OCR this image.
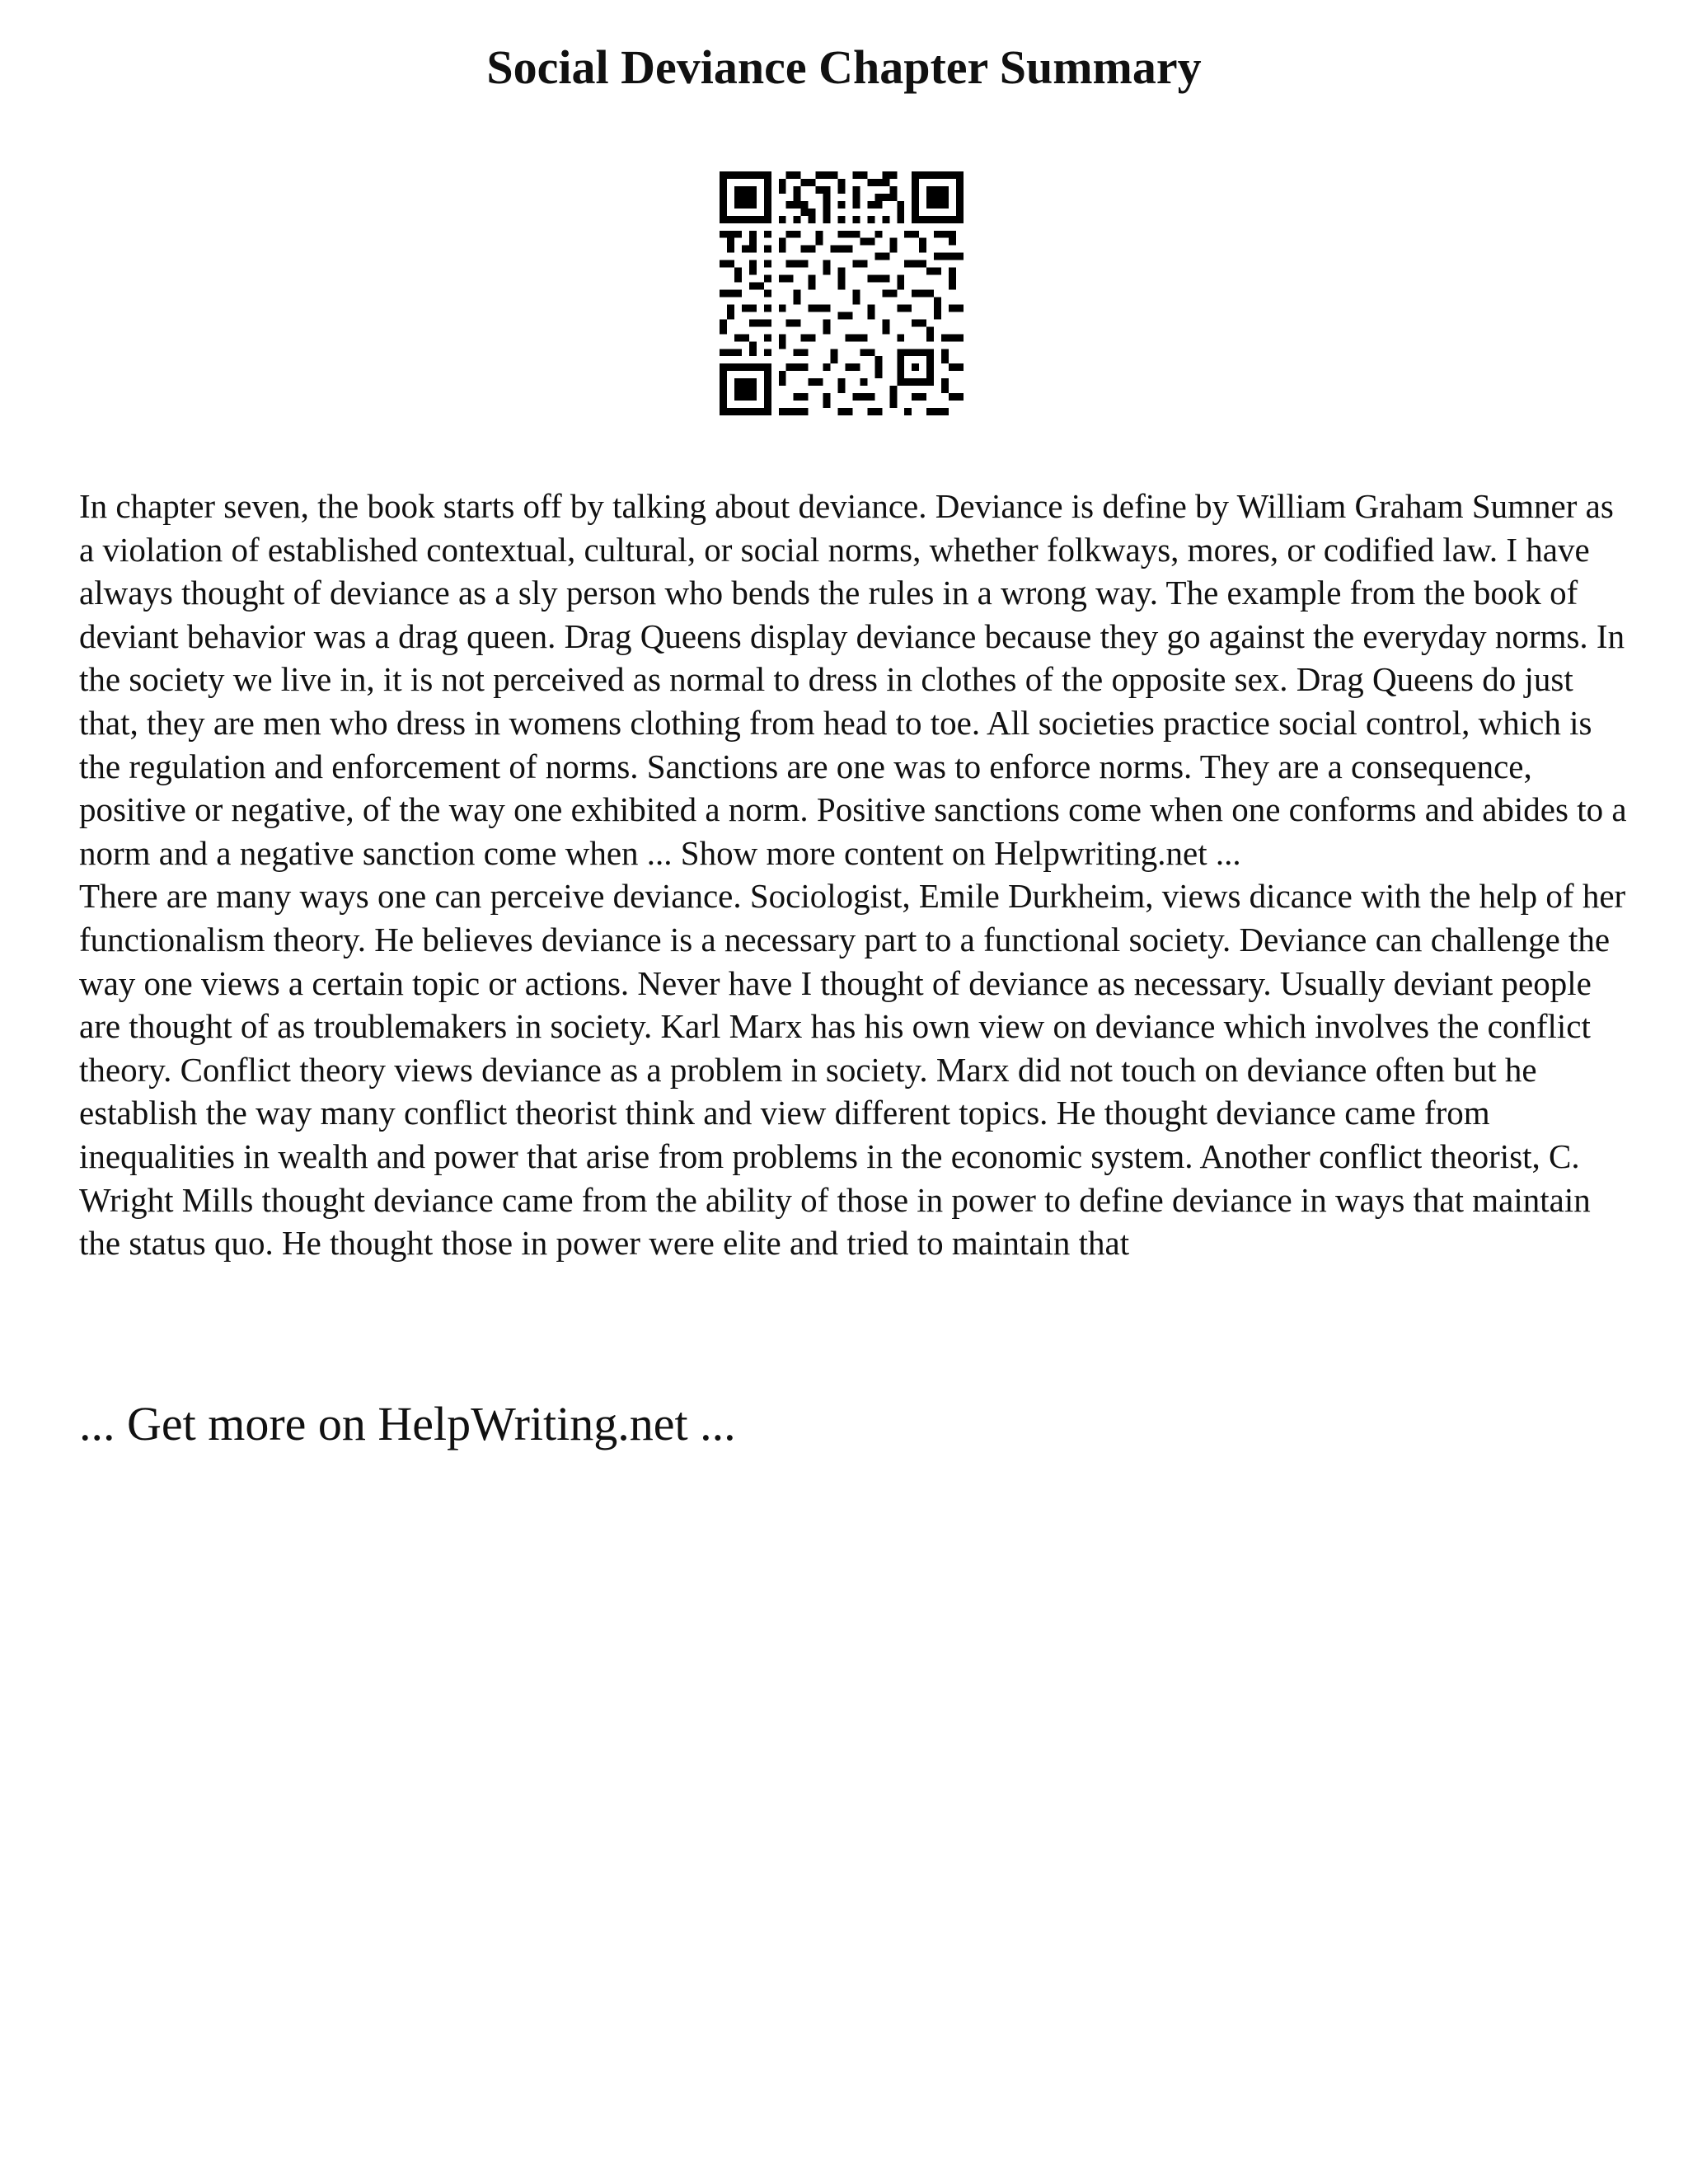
Social Deviance Chapter Summary

In chapter seven, the book starts off by talking about deviance. Deviance is define by William Graham Sumner as a violation of established contextual, cultural, or social norms, whether folkways, mores, or codified law. I have always thought of deviance as a sly person who bends the rules in a wrong way. The example from the book of deviant behavior was a drag queen. Drag Queens display deviance because they go against the everyday norms. In the society we live in, it is not perceived as normal to dress in clothes of the opposite sex. Drag Queens do just that, they are men who dress in womens clothing from head to toe. All societies practice social control, which is the regulation and enforcement of norms. Sanctions are one was to enforce norms. They are a consequence, positive or negative, of the way one exhibited a norm. Positive sanctions come when one conforms and abides to a norm and a negative sanction come when ... Show more content on Helpwriting.net ...

There are many ways one can perceive deviance. Sociologist, Emile Durkheim, views dicance with the help of her functionalism theory. He believes deviance is a necessary part to a functional society. Deviance can challenge the way one views a certain topic or actions. Never have I thought of deviance as necessary. Usually deviant people are thought of as troublemakers in society. Karl Marx has his own view on deviance which involves the conflict theory. Conflict theory views deviance as a problem in society. Marx did not touch on deviance often but he establish the way many conflict theorist think and view different topics. He thought deviance came from inequalities in wealth and power that arise from problems in the economic system. Another conflict theorist, C. Wright Mills thought deviance came from the ability of those in power to define deviance in ways that maintain the status quo. He thought those in power were elite and tried to maintain that

... Get more on HelpWriting.net ...
